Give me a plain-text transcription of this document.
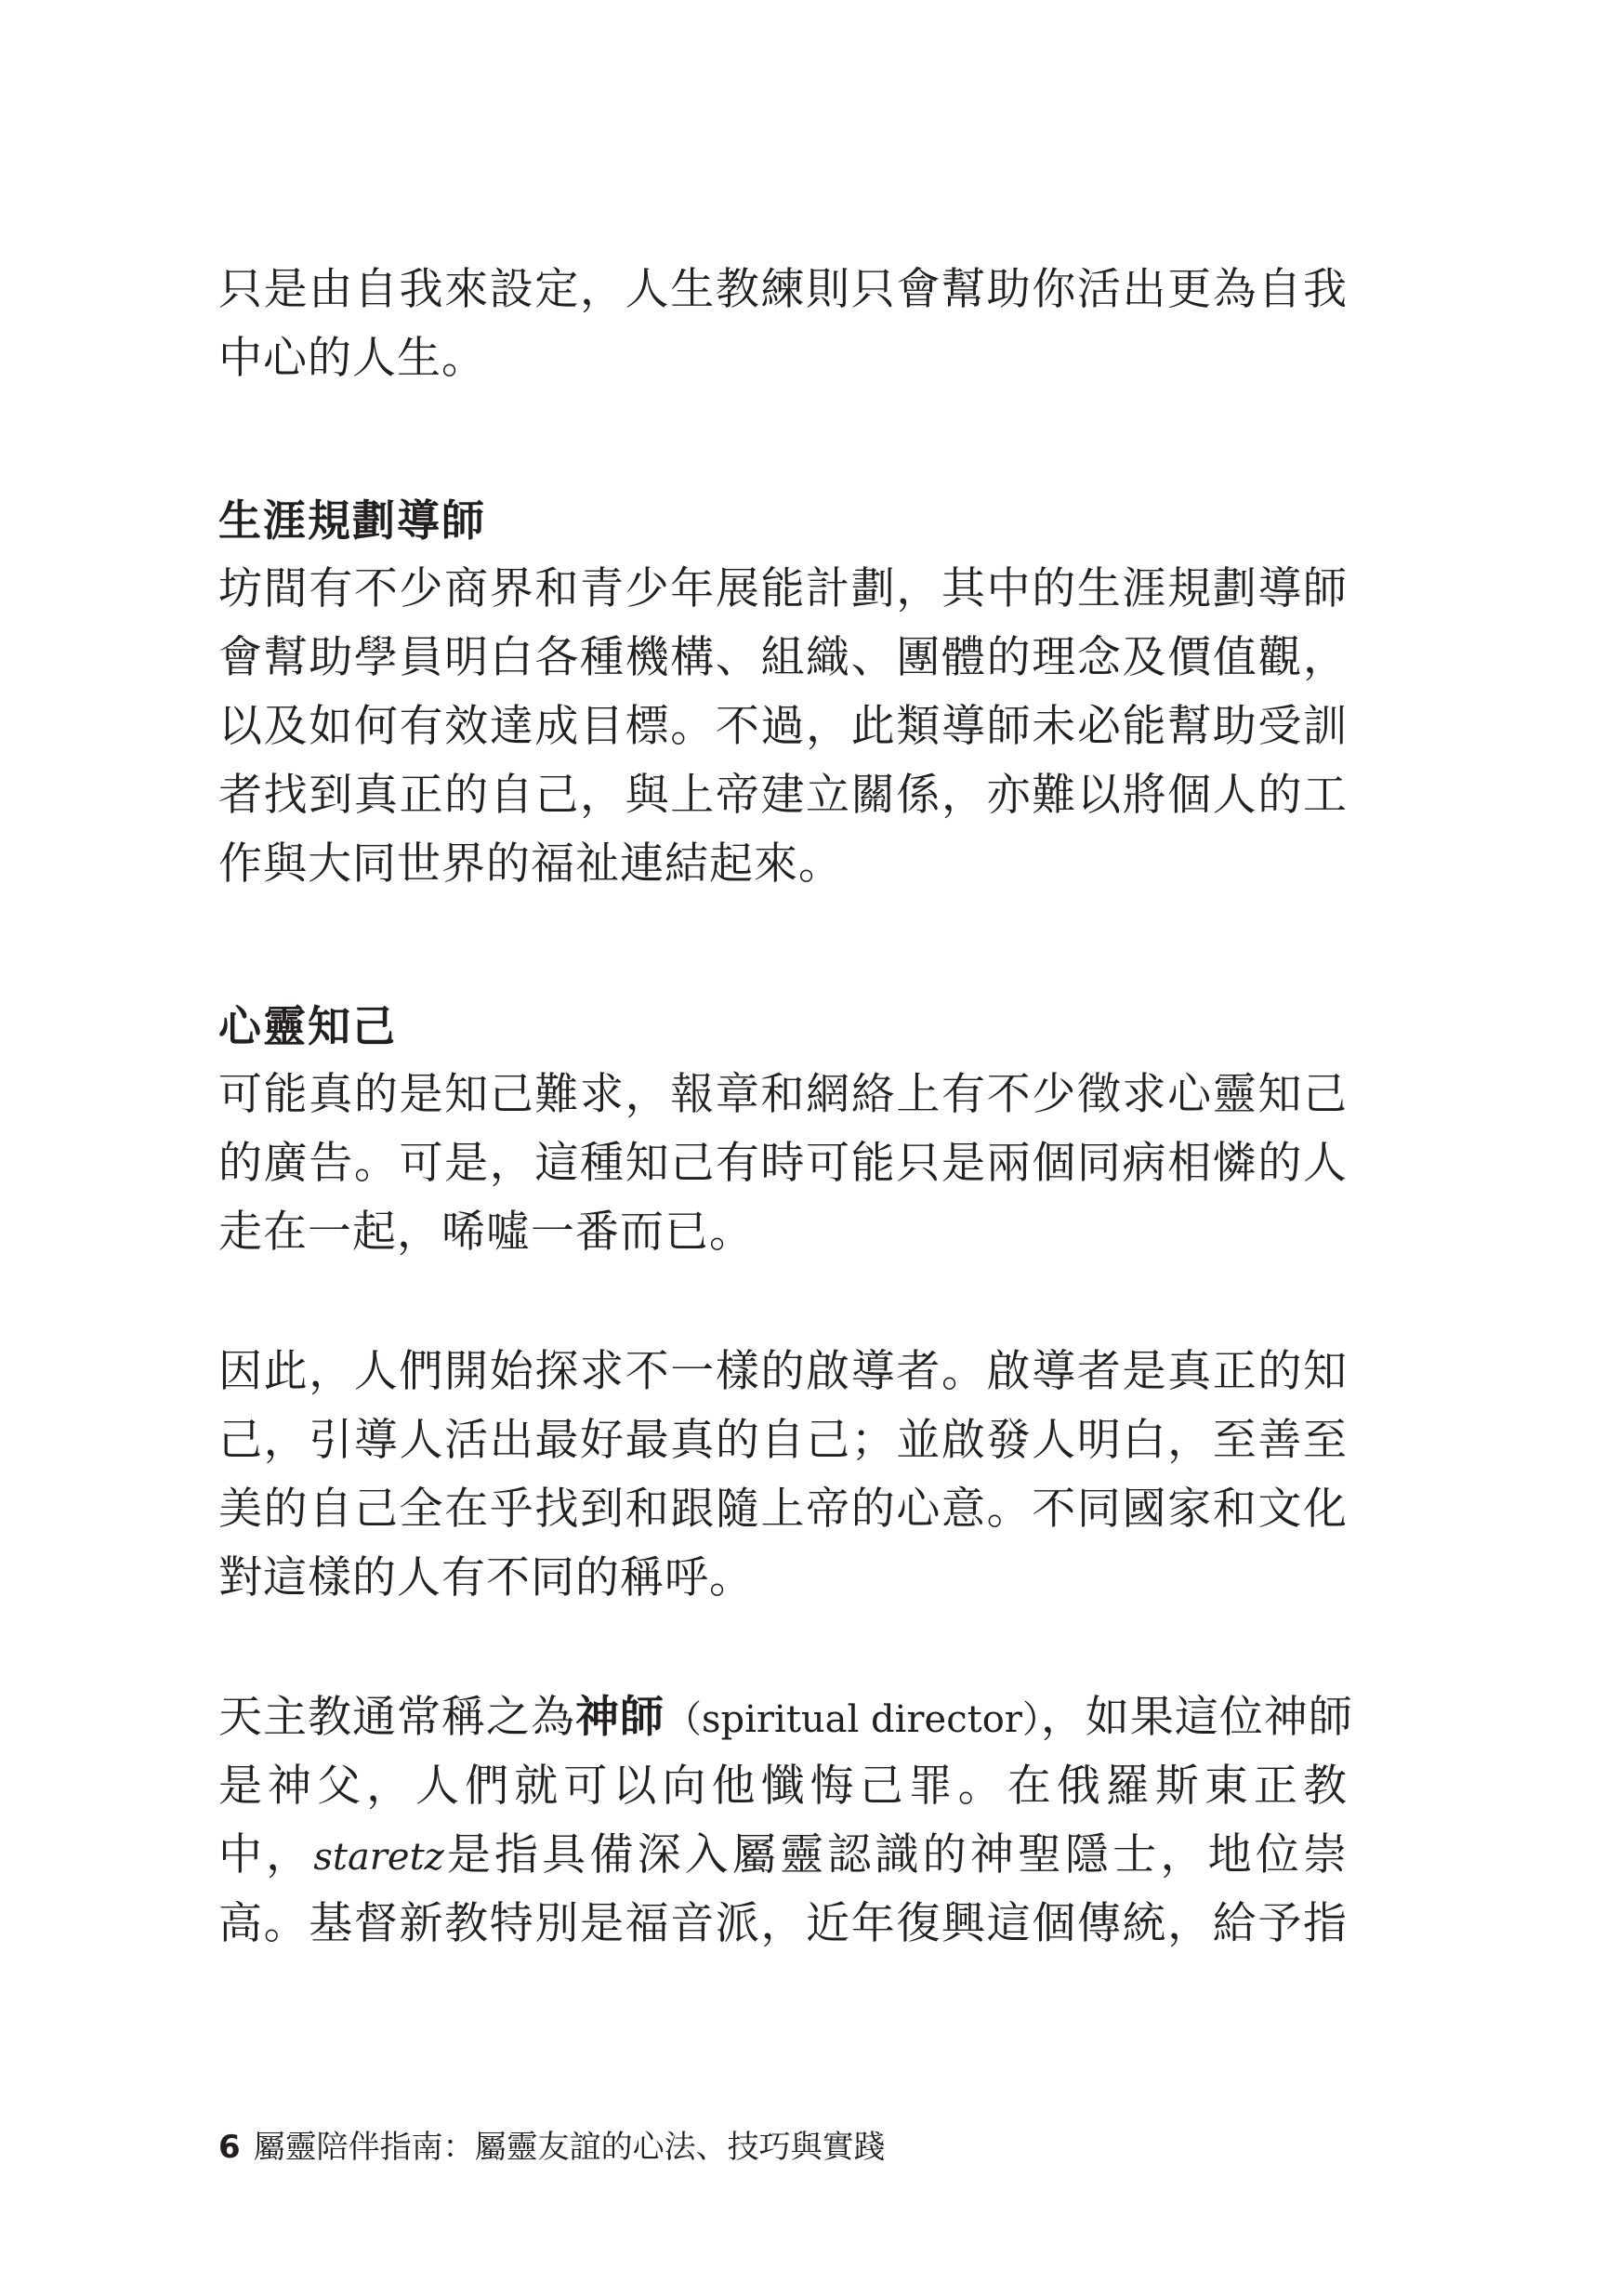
只是由自我來設定，人生教練則只會幫助你活出更為自我
中心的人生。
生涯規劃導師
坊間有不少商界和青少年展能計劃，其中的生涯規劃導師
會幫助學員明白各種機構、組織、團體的理念及價值觀，
以及如何有效達成目標。不過，此類導師未必能幫助受訓
者找到真正的自己，與上帝建立關係，亦難以將個人的工
作與大同世界的福祉連結起來。
心靈知己
可能真的是知己難求，報章和網絡上有不少徵求心靈知己
的廣告。可是，這種知己有時可能只是兩個同病相憐的人
走在一起，唏噓一番而已。
因此，人們開始探求不一樣的啟導者。啟導者是真正的知
己，引導人活出最好最真的自己；並啟發人明白，至善至
美的自己全在乎找到和跟隨上帝的心意。不同國家和文化
對這樣的人有不同的稱呼。
天主教通常稱之為神師（spiritual director），如果這位神師
是神父，人們就可以向他懺悔己罪。在俄羅斯東正教
中，staretz是指具備深入屬靈認識的神聖隱士，地位崇
高。基督新教特別是福音派，近年復興這個傳統，給予指
6 屬靈陪伴指南：屬靈友誼的心法、技巧與實踐
